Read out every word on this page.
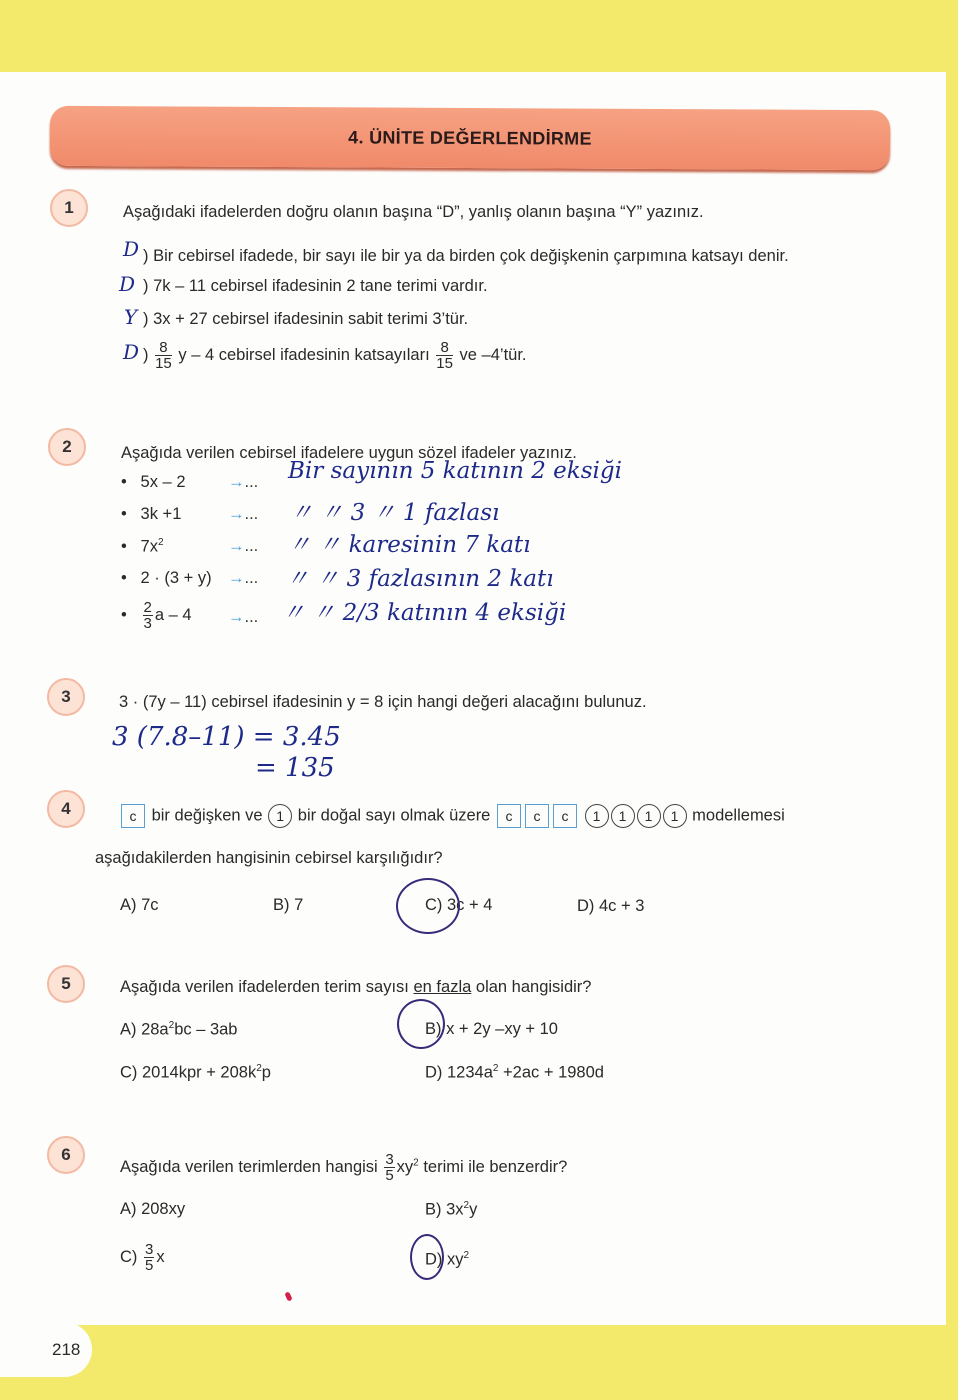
218
4. ÜNİTE DEĞERLENDİRME
1	Aşağıdaki ifadelerden doğru olanın başına “D”, yanlış olanın başına “Y” yazınız.
D ) Bir cebirsel ifadede, bir sayı ile bir ya da birden çok değişkenin çarpımına katsayı denir.
D ) 7k – 11 cebirsel ifadesinin 2 tane terimi vardır.
Y ) 3x + 27 cebirsel ifadesinin sabit terimi 3’tür.
D ) $\frac{8}{15}$ y – 4 cebirsel ifadesinin katsayıları $\frac{8}{15}$ ve –4’tür.
2	Aşağıda verilen cebirsel ifadelere uygun sözel ifadeler yazınız.
• 5x – 2	→... Bir sayının 5 katının 2 eksiği
• 3k +1	→... 〃 〃 3 〃 1 fazlası
• $7x^2$	→... 〃 〃 karesinin 7 katı
• 2 · (3 + y) →... 〃 〃 3 fazlasının 2 katı
• $\frac{2}{3}$ a – 4 →... 〃 〃 2/3 katının 4 eksiği
3	3 · (7y – 11) cebirsel ifadesinin y = 8 için hangi değeri alacağını bulunuz.
3 (7.8–11) = 3.45
= 135
4	c bir değişken ve 1 bir doğal sayı olmak üzere c c c 1 1 1 1 modellemesi
aşağıdakilerden hangisinin cebirsel karşılığıdır?
A) 7c	B) 7	C) 3c + 4	D) 4c + 3
5	Aşağıda verilen ifadelerden terim sayısı en fazla olan hangisidir?
A) $28a^2bc - 3ab$	B) x + 2y –xy + 10
C) $2014kpr + 208k^2p$	D) $1234a^2 +2ac + 1980d$
6
Aşağıda verilen terimlerden hangisi $\frac{3}{5} xy^2$ terimi ile benzerdir?
A) 208xy	B) $3x^2y$
$C) \frac{3}{5}$ x	D) $xy^2$
